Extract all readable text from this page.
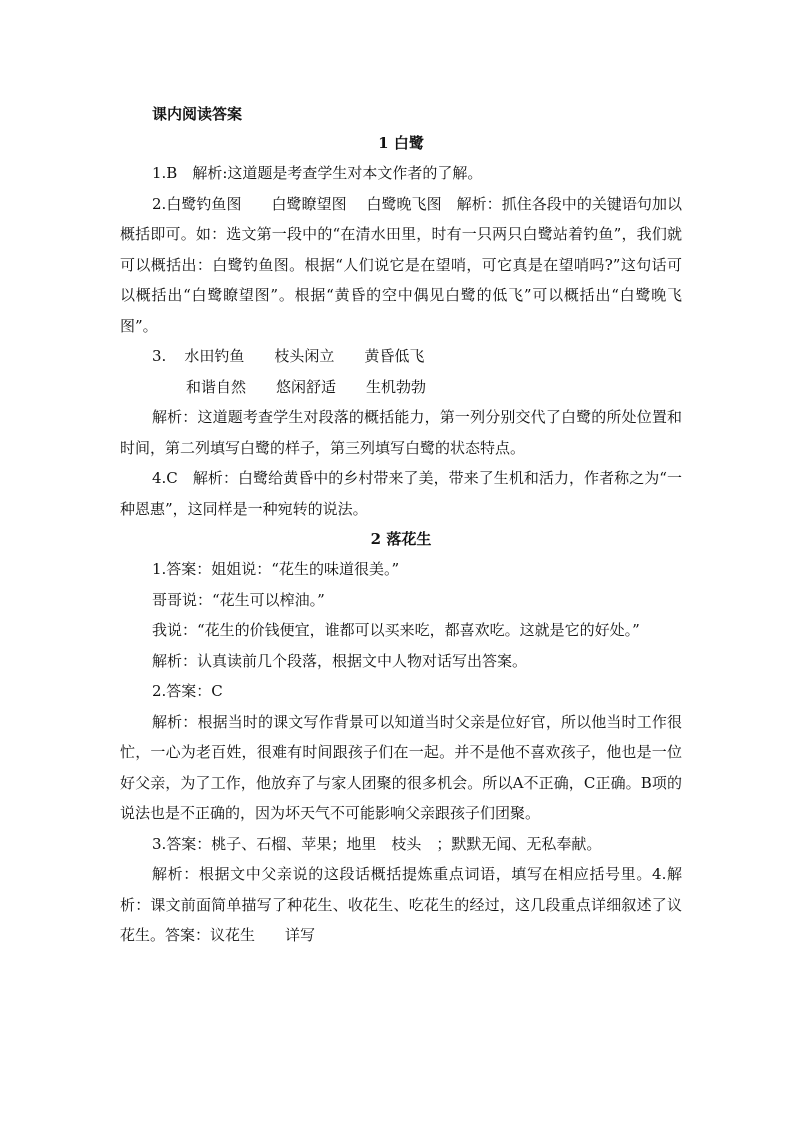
课内阅读答案
1 白鹭

1.B　解析:这道题是考查学生对本文作者的了解。

2.白鹭钓鱼图　　白鹭瞭望图　 白鹭晚飞图　解析：抓住各段中的关键语句加以概括即可。如：选文第一段中的“在清水田里，时有一只两只白鹭站着钓鱼”，我们就可以概括出：白鹭钓鱼图。根据“人们说它是在望哨，可它真是在望哨吗?”这句话可以概括出“白鹭瞭望图”。根据“黄昏的空中偶见白鹭的低飞”可以概括出“白鹭晚飞图”。

3. 水田钓鱼 枝头闲立 黄昏低飞
和谐自然 悠闲舒适 生机勃勃

解析：这道题考查学生对段落的概括能力，第一列分别交代了白鹭的所处位置和时间，第二列填写白鹭的样子，第三列填写白鹭的状态特点。

4.C　解析：白鹭给黄昏中的乡村带来了美，带来了生机和活力，作者称之为“一种恩惠”，这同样是一种宛转的说法。

2 落花生

1.答案：姐姐说：“花生的味道很美。”

哥哥说：“花生可以榨油。”

我说：“花生的价钱便宜，谁都可以买来吃，都喜欢吃。这就是它的好处。”

解析：认真读前几个段落，根据文中人物对话写出答案。

2.答案：C

解析：根据当时的课文写作背景可以知道当时父亲是位好官，所以他当时工作很忙，一心为老百姓，很难有时间跟孩子们在一起。并不是他不喜欢孩子，他也是一位好父亲，为了工作，他放弃了与家人团聚的很多机会。所以A不正确，C正确。B项的说法也是不正确的，因为坏天气不可能影响父亲跟孩子们团聚。

3.答案：桃子、石榴、苹果；地里　枝头　；默默无闻、无私奉献。

解析：根据文中父亲说的这段话概括提炼重点词语，填写在相应括号里。4.解析：课文前面简单描写了种花生、收花生、吃花生的经过，这几段重点详细叙述了议花生。答案：议花生　　详写
